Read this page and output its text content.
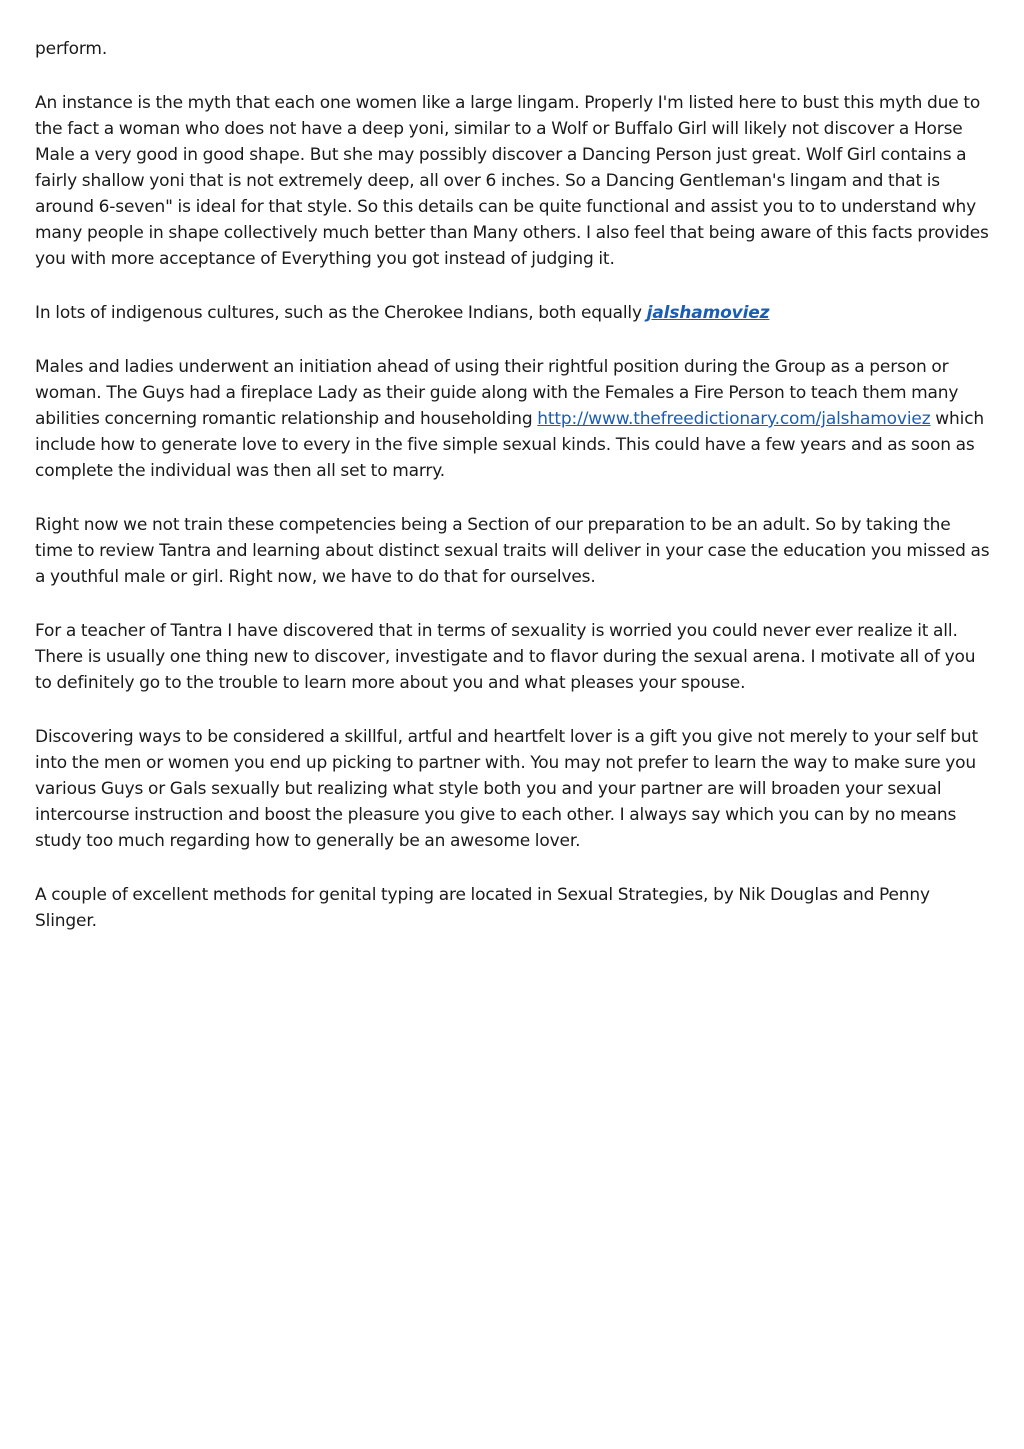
perform.

An instance is the myth that each one women like a large lingam. Properly I'm listed here to bust this myth due to the fact a woman who does not have a deep yoni, similar to a Wolf or Buffalo Girl will likely not discover a Horse Male a very good in good shape. But she may possibly discover a Dancing Person just great. Wolf Girl contains a fairly shallow yoni that is not extremely deep, all over 6 inches. So a Dancing Gentleman's lingam and that is around 6-seven" is ideal for that style. So this details can be quite functional and assist you to to understand why many people in shape collectively much better than Many others. I also feel that being aware of this facts provides you with more acceptance of Everything you got instead of judging it.

In lots of indigenous cultures, such as the Cherokee Indians, both equally jalshamoviez

Males and ladies underwent an initiation ahead of using their rightful position during the Group as a person or woman. The Guys had a fireplace Lady as their guide along with the Females a Fire Person to teach them many abilities concerning romantic relationship and householding http://www.thefreedictionary.com/jalshamoviez which include how to generate love to every in the five simple sexual kinds. This could have a few years and as soon as complete the individual was then all set to marry.

Right now we not train these competencies being a Section of our preparation to be an adult. So by taking the time to review Tantra and learning about distinct sexual traits will deliver in your case the education you missed as a youthful male or girl. Right now, we have to do that for ourselves.

For a teacher of Tantra I have discovered that in terms of sexuality is worried you could never ever realize it all. There is usually one thing new to discover, investigate and to flavor during the sexual arena. I motivate all of you to definitely go to the trouble to learn more about you and what pleases your spouse.

Discovering ways to be considered a skillful, artful and heartfelt lover is a gift you give not merely to your self but into the men or women you end up picking to partner with. You may not prefer to learn the way to make sure you various Guys or Gals sexually but realizing what style both you and your partner are will broaden your sexual intercourse instruction and boost the pleasure you give to each other. I always say which you can by no means study too much regarding how to generally be an awesome lover.

A couple of excellent methods for genital typing are located in Sexual Strategies, by Nik Douglas and Penny Slinger.
